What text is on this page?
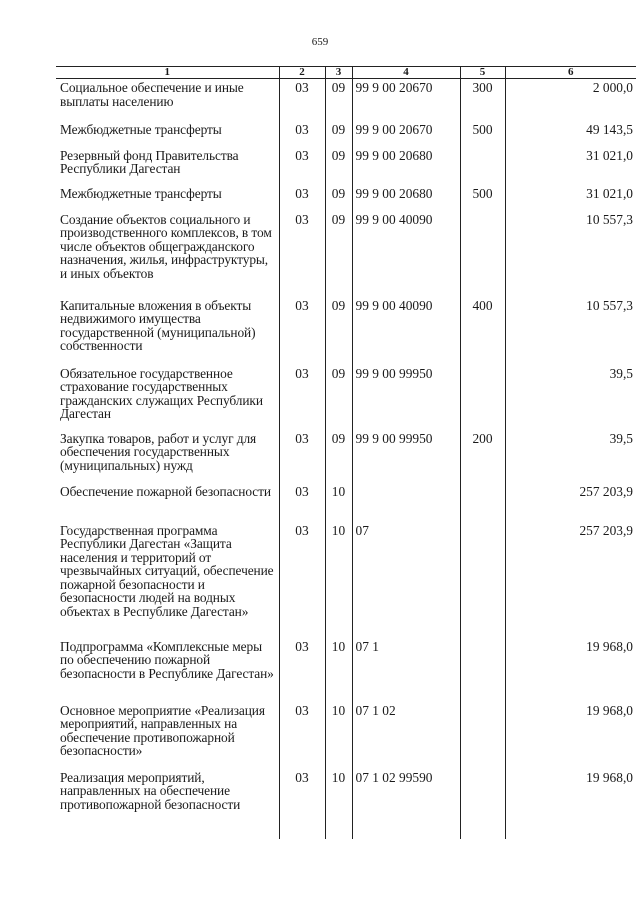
659
1	2	3	4	5	6
Социальное обеспечение и иные выплаты населению	03	09	99 9 00 20670	300	2 000,0
Межбюджетные трансферты	03	09	99 9 00 20670	500	49 143,5
Резервный фонд Правительства Республики Дагестан	03	09	99 9 00 20680		31 021,0
Межбюджетные трансферты	03	09	99 9 00 20680	500	31 021,0
Создание объектов социального и производственного комплексов, в том числе объектов общегражданского назначения, жилья, инфраструктуры, и иных объектов	03	09	99 9 00 40090		10 557,3
Капитальные вложения в объекты недвижимого имущества государственной (муниципальной) собственности	03	09	99 9 00 40090	400	10 557,3
Обязательное государственное страхование государственных гражданских служащих Республики Дагестан	03	09	99 9 00 99950		39,5
Закупка товаров, работ и услуг для обеспечения государственных (муниципальных) нужд	03	09	99 9 00 99950	200	39,5
Обеспечение пожарной безопасности	03	10			257 203,9
Государственная программа Республики Дагестан «Защита населения и территорий от чрезвычайных ситуаций, обеспечение пожарной безопасности и безопасности людей на водных объектах в Республике Дагестан»	03	10	07		257 203,9
Подпрограмма «Комплексные меры по обеспечению пожарной безопасности в Республике Дагестан»	03	10	07 1		19 968,0
Основное мероприятие «Реализация мероприятий, направленных на обеспечение противопожарной безопасности»	03	10	07 1 02		19 968,0
Реализация мероприятий, направленных на обеспечение противопожарной безопасности	03	10	07 1 02 99590		19 968,0
